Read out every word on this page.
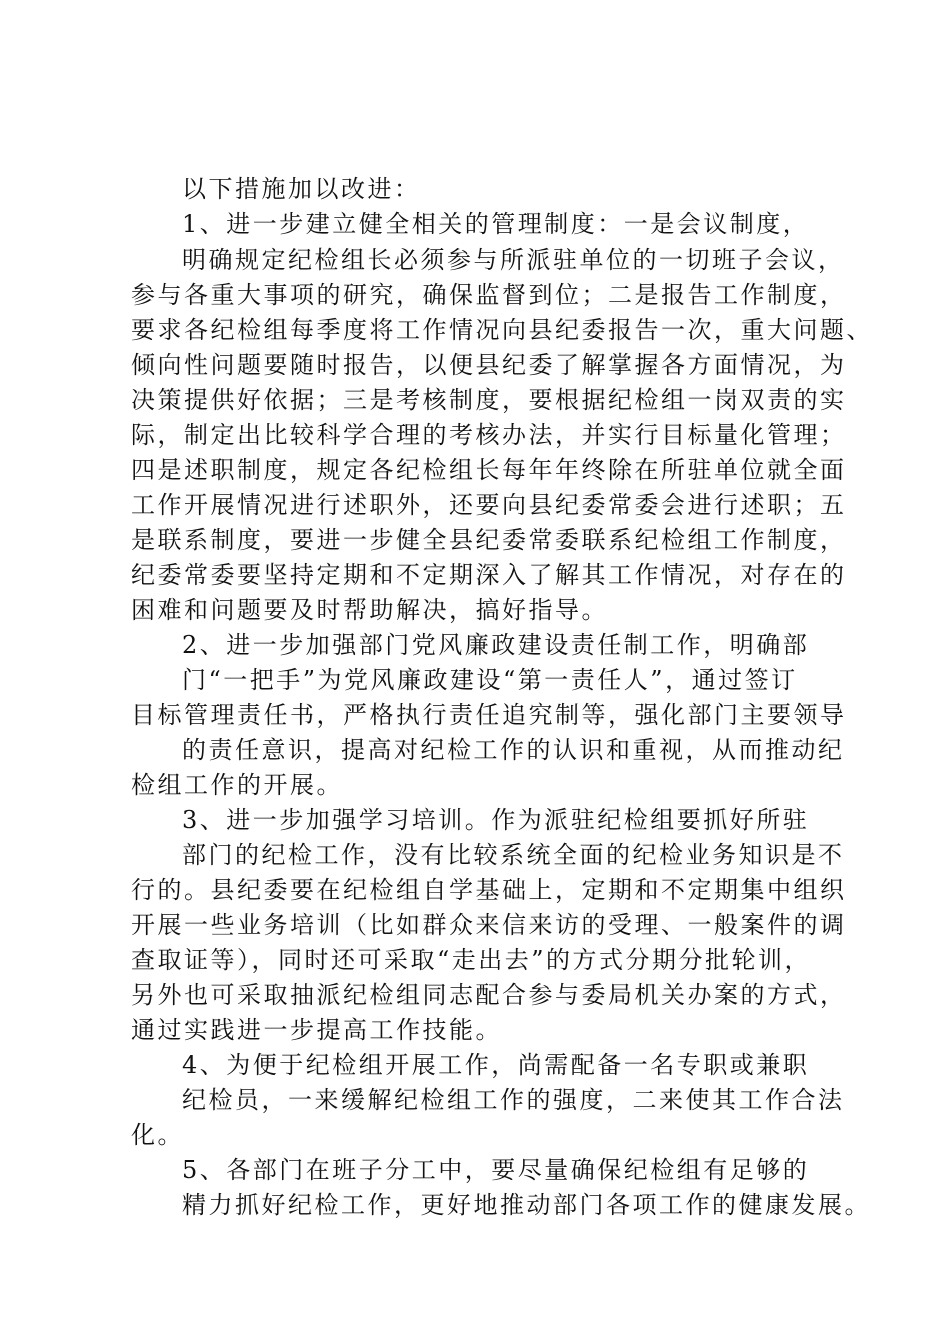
以下措施加以改进：

1、进一步建立健全相关的管理制度：一是会议制度，

明确规定纪检组长必须参与所派驻单位的一切班子会议，

参与各重大事项的研究，确保监督到位；二是报告工作制度，

要求各纪检组每季度将工作情况向县纪委报告一次，重大问题、

倾向性问题要随时报告，以便县纪委了解掌握各方面情况，为

决策提供好依据；三是考核制度，要根据纪检组一岗双责的实

际，制定出比较科学合理的考核办法，并实行目标量化管理；

四是述职制度，规定各纪检组长每年年终除在所驻单位就全面

工作开展情况进行述职外，还要向县纪委常委会进行述职；五

是联系制度，要进一步健全县纪委常委联系纪检组工作制度，

纪委常委要坚持定期和不定期深入了解其工作情况，对存在的

困难和问题要及时帮助解决，搞好指导。

2、进一步加强部门党风廉政建设责任制工作，明确部

门“一把手”为党风廉政建设“第一责任人”，通过签订

目标管理责任书，严格执行责任追究制等，强化部门主要领导

的责任意识，提高对纪检工作的认识和重视，从而推动纪

检组工作的开展。

3、进一步加强学习培训。作为派驻纪检组要抓好所驻

部门的纪检工作，没有比较系统全面的纪检业务知识是不

行的。县纪委要在纪检组自学基础上，定期和不定期集中组织

开展一些业务培训（比如群众来信来访的受理、一般案件的调

查取证等），同时还可采取“走出去”的方式分期分批轮训，

另外也可采取抽派纪检组同志配合参与委局机关办案的方式，

通过实践进一步提高工作技能。

4、为便于纪检组开展工作，尚需配备一名专职或兼职

纪检员，一来缓解纪检组工作的强度，二来使其工作合法

化。

5、各部门在班子分工中，要尽量确保纪检组有足够的

精力抓好纪检工作，更好地推动部门各项工作的健康发展。
